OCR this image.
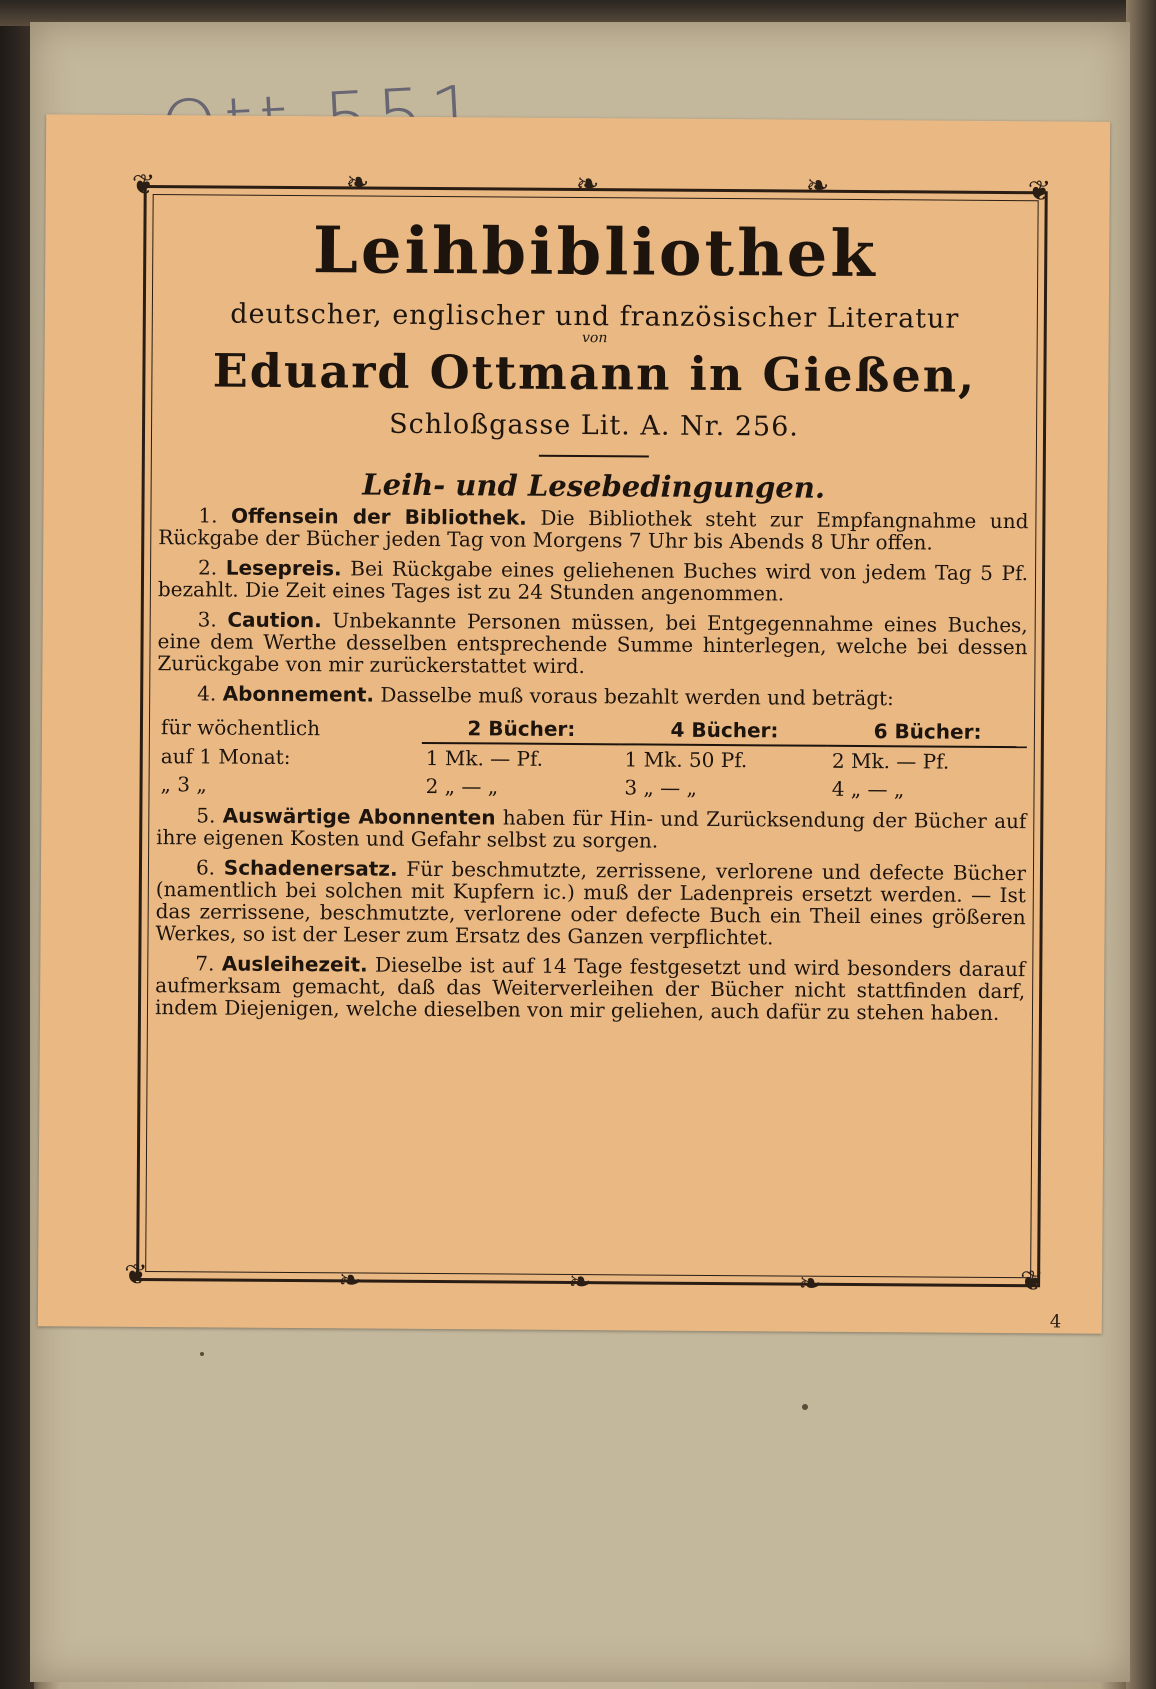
❦	❦
❦	❦
❧	❧	❧
❧	❧	❧
Leihbibliothek

deutscher, englischer und französischer Literatur

von

Eduard Ottmann in Gießen,

Schloßgasse Lit. A. Nr. 256.

Leih- und Lesebedingungen.

1. Offensein der Bibliothek. Die Bibliothek steht zur Empfangnahme und Rückgabe der Bücher jeden Tag von Morgens 7 Uhr bis Abends 8 Uhr offen.

2. Lesepreis. Bei Rückgabe eines geliehenen Buches wird von jedem Tag 5 Pf. bezahlt. Die Zeit eines Tages ist zu 24 Stunden angenommen.

3. Caution. Unbekannte Personen müssen, bei Entgegennahme eines Buches, eine dem Werthe desselben entsprechende Summe hinterlegen, welche bei dessen Zurückgabe von mir zurückerstattet wird.

4. Abonnement. Dasselbe muß voraus bezahlt werden und beträgt:

für wöchentlich	2 Bücher:	4 Bücher:	6 Bücher:
auf 1 Monat:	1 Mk. — Pf.	1 Mk. 50 Pf.	2 Mk. — Pf.
„ 3 „	2 „ — „	3 „ — „	4 „ — „

5. Auswärtige Abonnenten haben für Hin- und Zurücksendung der Bücher auf ihre eigenen Kosten und Gefahr selbst zu sorgen.

6. Schadenersatz. Für beschmutzte, zerrissene, verlorene und defecte Bücher (namentlich bei solchen mit Kupfern ic.) muß der Ladenpreis ersetzt werden. — Ist das zerrissene, beschmutzte, verlorene oder defecte Buch ein Theil eines größeren Werkes, so ist der Leser zum Ersatz des Ganzen verpflichtet.

7. Ausleihezeit. Dieselbe ist auf 14 Tage festgesetzt und wird besonders darauf aufmerksam gemacht, daß das Weiterverleihen der Bücher nicht stattfinden darf, indem Diejenigen, welche dieselben von mir geliehen, auch dafür zu stehen haben.

4
